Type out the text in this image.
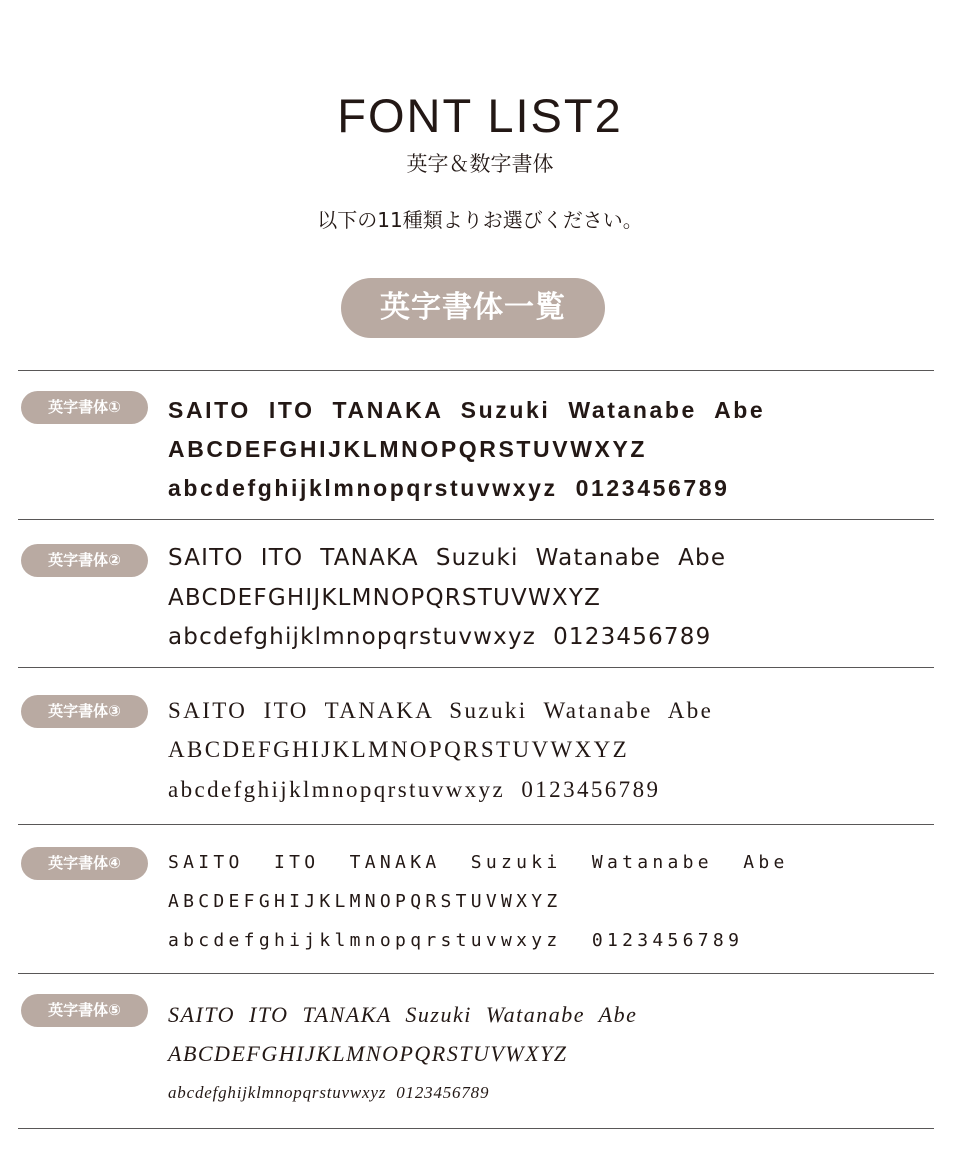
FONT LIST2
英字＆数字書体
以下の11種類よりお選びください。
英字書体一覧
英字書体①	SAITO  ITO  TANAKA  Suzuki  Watanabe  Abe
ABCDEFGHIJKLMNOPQRSTUVWXYZ
abcdefghijklmnopqrstuvwxyz  0123456789
英字書体②	SAITO  ITO  TANAKA  Suzuki  Watanabe  Abe
ABCDEFGHIJKLMNOPQRSTUVWXYZ
abcdefghijklmnopqrstuvwxyz  0123456789
英字書体③	SAITO  ITO  TANAKA  Suzuki  Watanabe  Abe
ABCDEFGHIJKLMNOPQRSTUVWXYZ
abcdefghijklmnopqrstuvwxyz  0123456789
英字書体④	SAITO  ITO  TANAKA  Suzuki  Watanabe  Abe
ABCDEFGHIJKLMNOPQRSTUVWXYZ
abcdefghijklmnopqrstuvwxyz  0123456789
英字書体⑤	SAITO  ITO  TANAKA  Suzuki  Watanabe  Abe
ABCDEFGHIJKLMNOPQRSTUVWXYZ
abcdefghijklmnopqrstuvwxyz  0123456789
